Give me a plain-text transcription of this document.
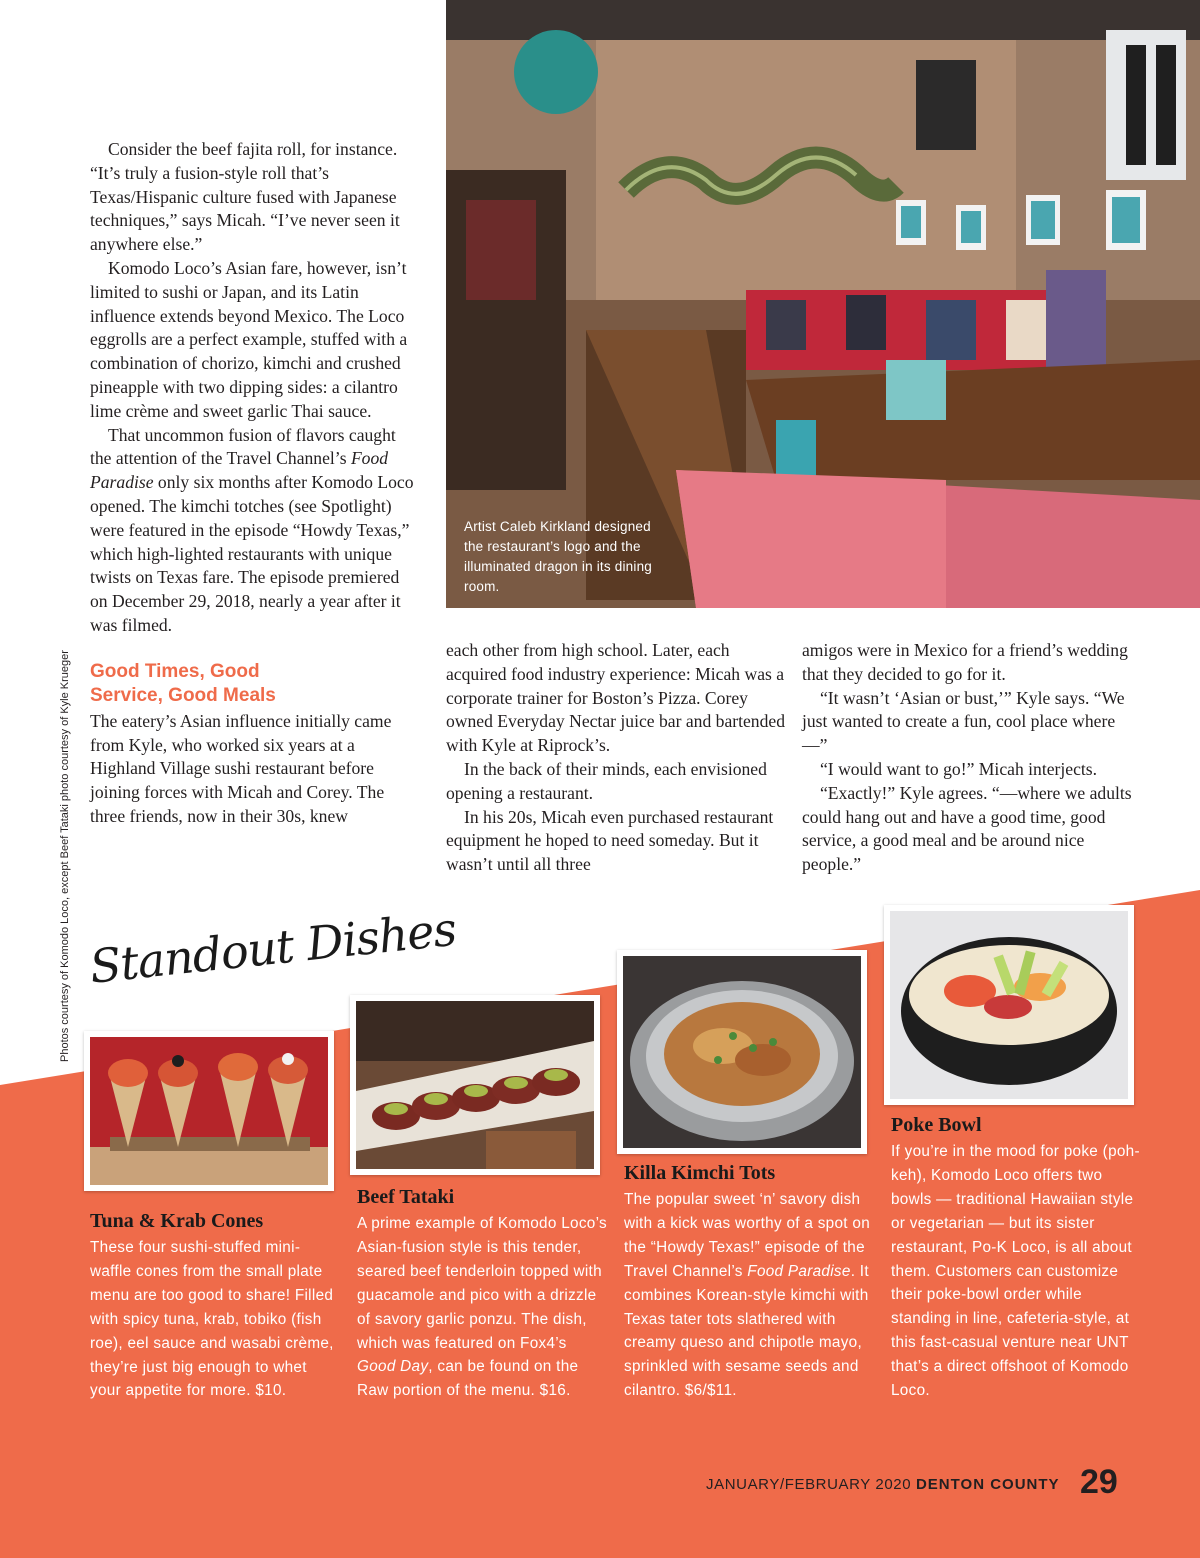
Artist Caleb Kirkland designed the restaurant’s logo and the illuminated dragon in its dining room.
Photos courtesy of Komodo Loco, except Beef Tataki photo courtesy of Kyle Krueger

Consider the beef fajita roll, for instance. “It’s truly a fusion-style roll that’s Texas/Hispanic culture fused with Japanese techniques,” says Micah. “I’ve never seen it anywhere else.”

Komodo Loco’s Asian fare, however, isn’t limited to sushi or Japan, and its Latin influence extends beyond Mexico. The Loco eggrolls are a perfect example, stuffed with a combination of chorizo, kimchi and crushed pineapple with two dipping sides: a cilantro lime crème and sweet garlic Thai sauce.

That uncommon fusion of flavors caught the attention of the Travel Channel’s Food Paradise only six months after Komodo Loco opened. The kimchi totches (see Spotlight) were featured in the episode “Howdy Texas,” which high-lighted restaurants with unique twists on Texas fare. The episode premiered on December 29, 2018, nearly a year after it was filmed.

Good Times, Good
Service, Good Meals

The eatery’s Asian influence initially came from Kyle, who worked six years at a Highland Village sushi restaurant before joining forces with Micah and Corey. The three friends, now in their 30s, knew

each other from high school. Later, each acquired food industry experience: Micah was a corporate trainer for Boston’s Pizza. Corey owned Everyday Nectar juice bar and bartended with Kyle at Riprock’s.

In the back of their minds, each envisioned opening a restaurant.

In his 20s, Micah even purchased restaurant equipment he hoped to need someday. But it wasn’t until all three

amigos were in Mexico for a friend’s wedding that they decided to go for it.

“It wasn’t ‘Asian or bust,’” Kyle says. “We just wanted to create a fun, cool place where—”

“I would want to go!” Micah interjects.

“Exactly!” Kyle agrees. “—where we adults could hang out and have a good time, good service, a good meal and be around nice people.”

Standout Dishes
Tuna & Krab Cones
These four sushi-stuffed mini-waffle cones from the small plate menu are too good to share! Filled with spicy tuna, krab, tobiko (fish roe), eel sauce and wasabi crème, they’re just big enough to whet your appetite for more. $10.
Beef Tataki
A prime example of Komodo Loco’s Asian-fusion style is this tender, seared beef tenderloin topped with guacamole and pico with a drizzle of savory garlic ponzu. The dish, which was featured on Fox4’s Good Day, can be found on the Raw portion of the menu. $16.
Killa Kimchi Tots
The popular sweet ‘n’ savory dish with a kick was worthy of a spot on the “Howdy Texas!” episode of the Travel Channel’s Food Paradise. It combines Korean-style kimchi with Texas tater tots slathered with creamy queso and chipotle mayo, sprinkled with sesame seeds and cilantro. $6/$11.
Poke Bowl
If you’re in the mood for poke (poh-keh), Komodo Loco offers two bowls — traditional Hawaiian style or vegetarian — but its sister restaurant, Po-K Loco, is all about them. Customers can customize their poke-bowl order while standing in line, cafeteria-style, at this fast-casual venture near UNT that’s a direct offshoot of Komodo Loco.
JANUARY/FEBRUARY 2020 DENTON COUNTY 29
